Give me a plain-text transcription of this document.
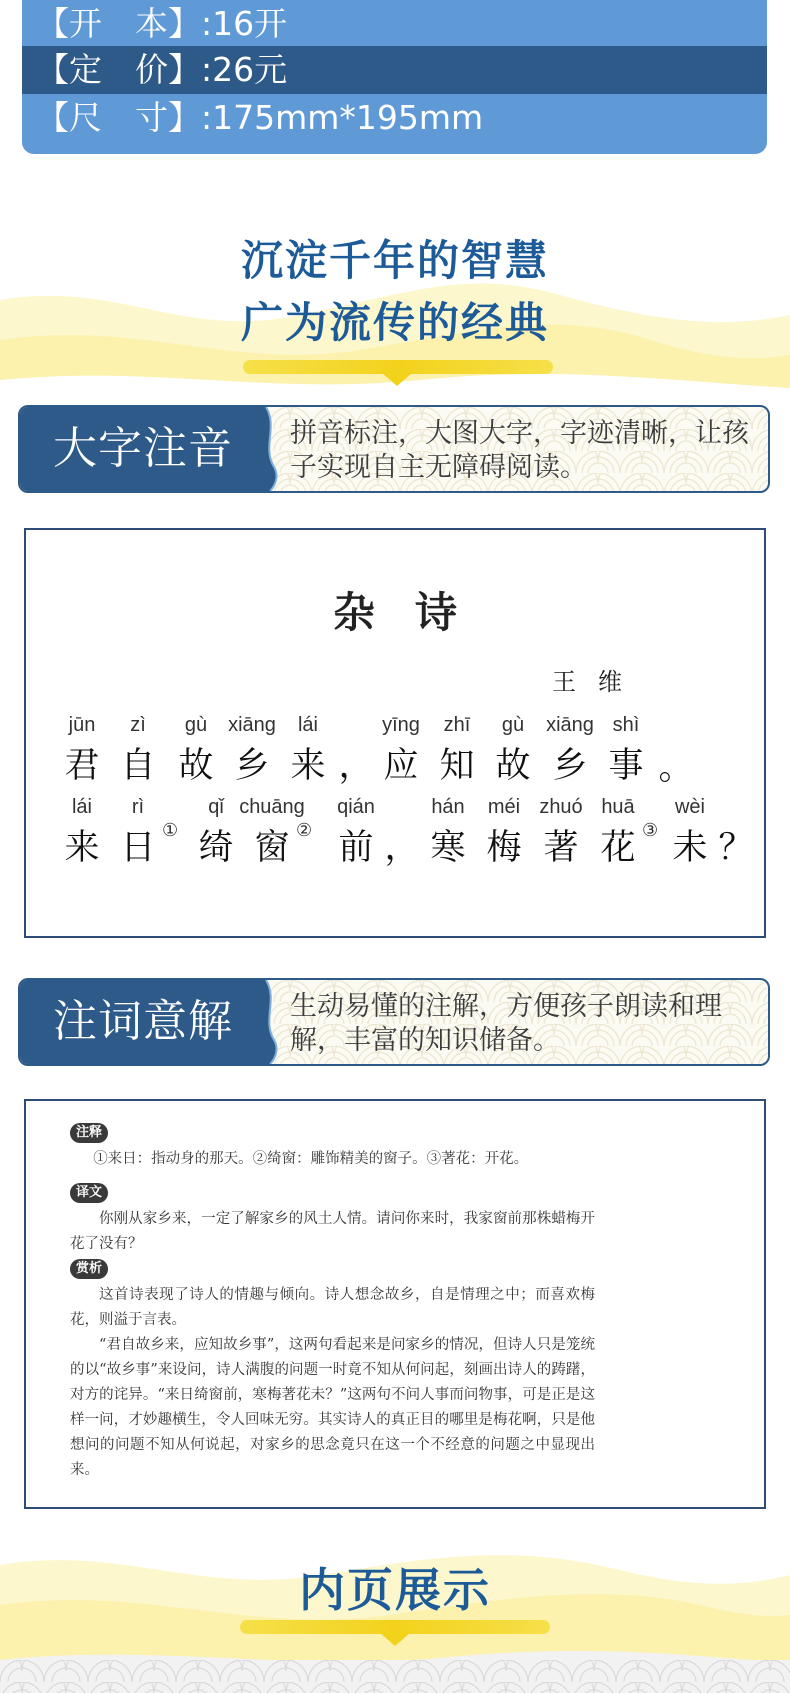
【开　本】:16开
【定　价】:26元
【尺　寸】:175mm*195mm
沉淀千年的智慧
广为流传的经典
大字注音	拼音标注，大图大字，字迹清晰，让孩子实现自主无障碍阅读。
杂诗
王维
jūn
君
zì
自
gù
故
xiāng
乡
lái
来 ，
yīng
应
zhī
知
gù
故
xiāng
乡
shì
事 。
lái
来
rì
日 ①
qǐ
绮
chuāng
窗 ②
qián
前 ，
hán
寒
méi
梅
zhuó
著
huā
花 ③
wèi
未 ？
注词意解	生动易懂的注解，方便孩子朗读和理解，丰富的知识储备。
注释

①来日：指动身的那天。②绮窗：雕饰精美的窗子。③著花：开花。

译文

你刚从家乡来，一定了解家乡的风土人情。请问你来时，我家窗前那株蜡梅开花了没有？

赏析

这首诗表现了诗人的情趣与倾向。诗人想念故乡，自是情理之中；而喜欢梅花，则溢于言表。

“君自故乡来，应知故乡事”，这两句看起来是问家乡的情况，但诗人只是笼统的以“故乡事”来设问，诗人满腹的问题一时竟不知从何问起，刻画出诗人的踌躇，对方的诧异。“来日绮窗前，寒梅著花未？”这两句不问人事而问物事，可是正是这样一问，才妙趣横生，令人回味无穷。其实诗人的真正目的哪里是梅花啊，只是他想问的问题不知从何说起，对家乡的思念竟只在这一个不经意的问题之中显现出来。

内页展示
